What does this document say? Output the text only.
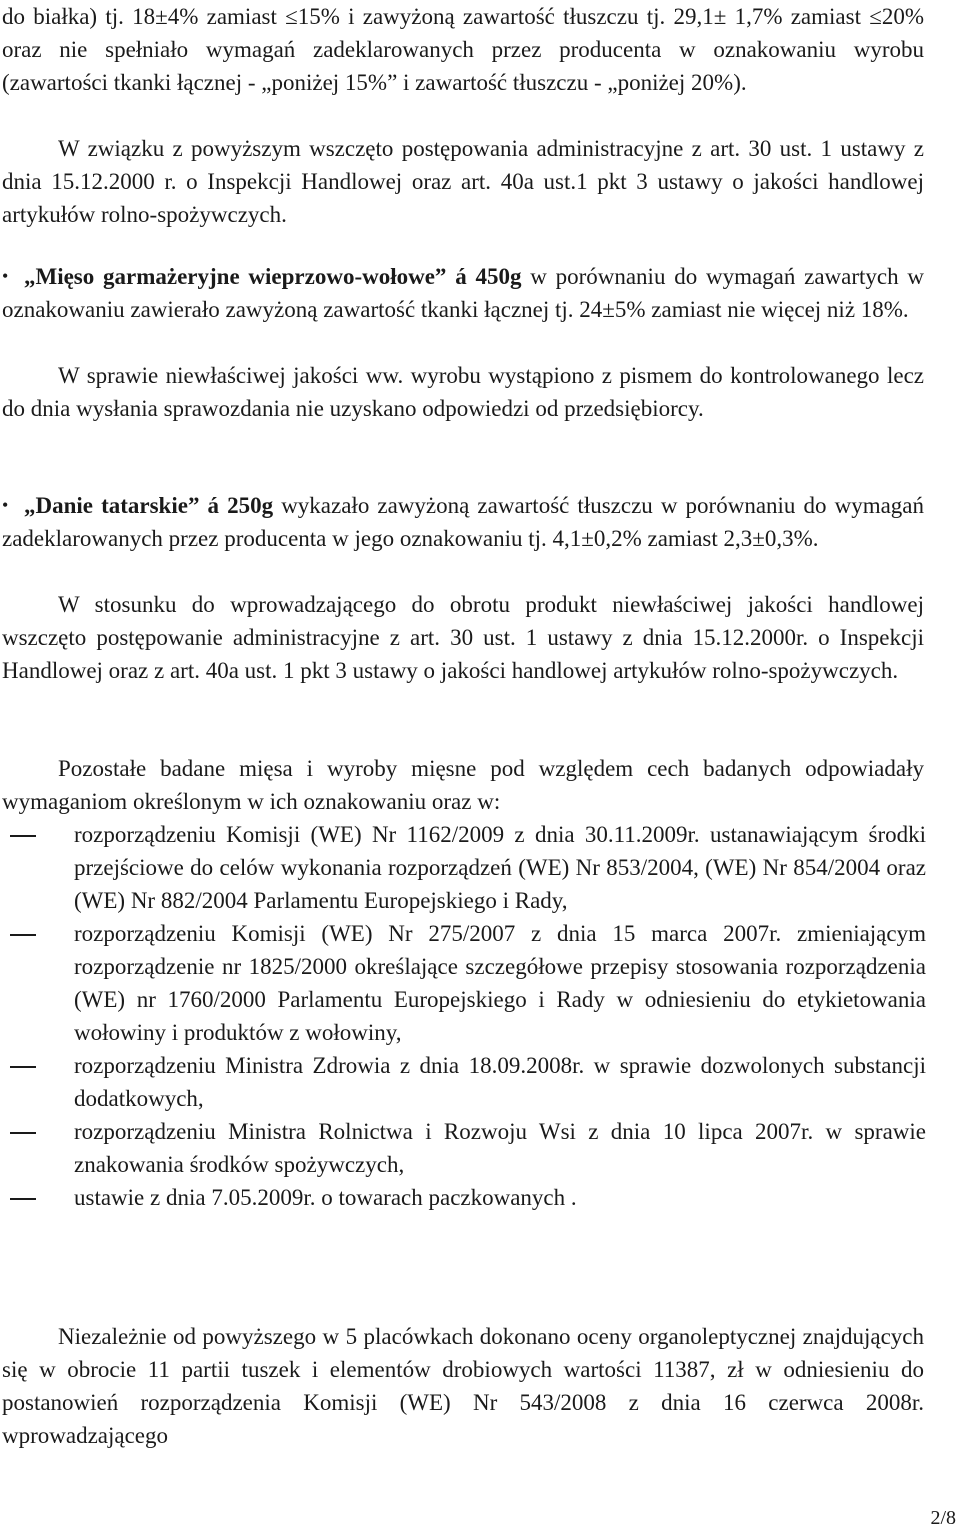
do białka) tj. 18±4% zamiast ≤15% i zawyżoną zawartość tłuszczu tj. 29,1± 1,7% zamiast ≤20% oraz nie spełniało wymagań zadeklarowanych przez producenta w oznakowaniu wyrobu (zawartości tkanki łącznej - „poniżej 15%” i zawartość tłuszczu - „poniżej 20%).

W związku z powyższym wszczęto postępowania administracyjne z art. 30 ust. 1 ustawy z dnia 15.12.2000 r. o Inspekcji Handlowej oraz art. 40a ust.1 pkt 3 ustawy o jakości handlowej artykułów rolno-spożywczych.

• „Mięso garmażeryjne wieprzowo-wołowe” á 450g w porównaniu do wymagań zawartych w oznakowaniu zawierało zawyżoną zawartość tkanki łącznej tj. 24±5% zamiast nie więcej niż 18%.

W sprawie niewłaściwej jakości ww. wyrobu wystąpiono z pismem do kontrolowanego lecz do dnia wysłania sprawozdania nie uzyskano odpowiedzi od przedsiębiorcy.

• „Danie tatarskie” á 250g wykazało zawyżoną zawartość tłuszczu w porównaniu do wymagań zadeklarowanych przez producenta w jego oznakowaniu tj. 4,1±0,2% zamiast 2,3±0,3%.

W stosunku do wprowadzającego do obrotu produkt niewłaściwej jakości handlowej wszczęto postępowanie administracyjne z art. 30 ust. 1 ustawy z dnia 15.12.2000r. o Inspekcji Handlowej oraz z art. 40a ust. 1 pkt 3 ustawy o jakości handlowej artykułów rolno-spożywczych.

Pozostałe badane mięsa i wyroby mięsne pod względem cech badanych odpowiadały wymaganiom określonym w ich oznakowaniu oraz w:

rozporządzeniu Komisji (WE) Nr 1162/2009 z dnia 30.11.2009r. ustanawiającym środki przejściowe do celów wykonania rozporządzeń (WE) Nr 853/2004, (WE) Nr 854/2004 oraz (WE) Nr 882/2004 Parlamentu Europejskiego i Rady,
rozporządzeniu Komisji (WE) Nr 275/2007 z dnia 15 marca 2007r. zmieniającym rozporządzenie nr 1825/2000 określające szczegółowe przepisy stosowania rozporządzenia (WE) nr 1760/2000 Parlamentu Europejskiego i Rady w odniesieniu do etykietowania wołowiny i produktów z wołowiny,
rozporządzeniu Ministra Zdrowia z dnia 18.09.2008r. w sprawie dozwolonych substancji dodatkowych,
rozporządzeniu Ministra Rolnictwa i Rozwoju Wsi z dnia 10 lipca 2007r. w sprawie znakowania środków spożywczych,
ustawie z dnia 7.05.2009r. o towarach paczkowanych .

Niezależnie od powyższego w 5 placówkach dokonano oceny organoleptycznej znajdujących się w obrocie 11 partii tuszek i elementów drobiowych wartości 11387, zł w odniesieniu do postanowień rozporządzenia Komisji (WE) Nr 543/2008 z dnia 16 czerwca 2008r. wprowadzającego

2/8
